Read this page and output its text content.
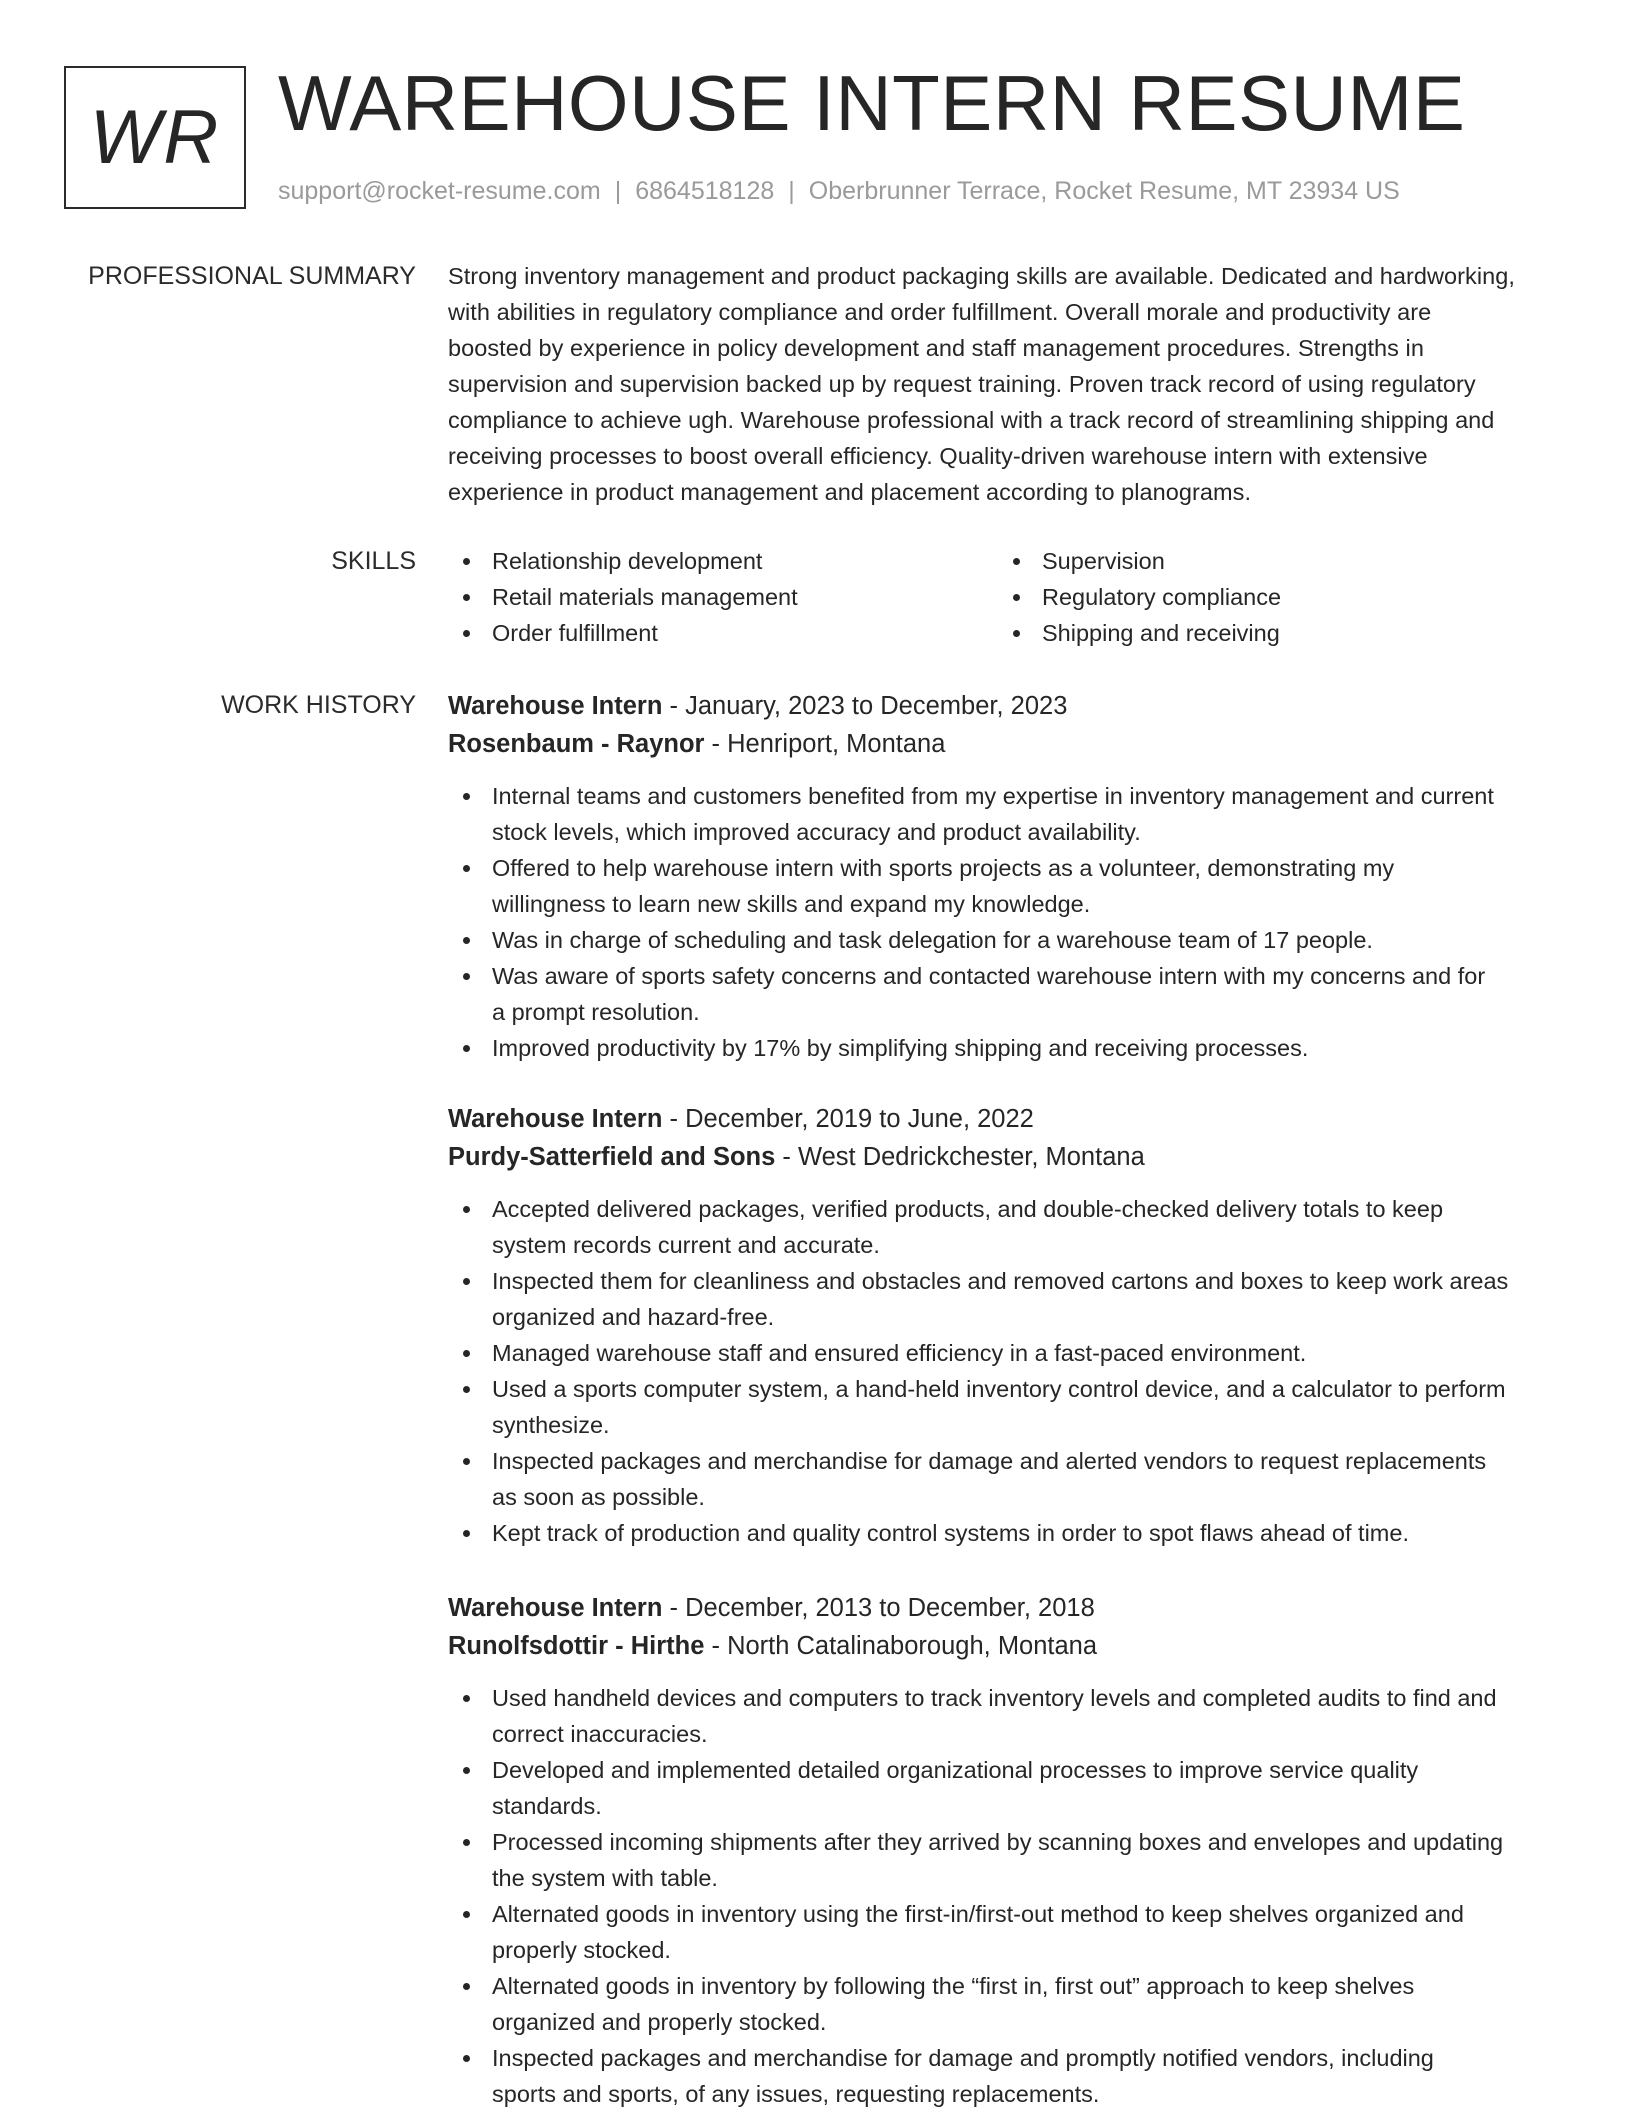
WR WAREHOUSE INTERN RESUME
support@rocket-resume.com | 6864518128 | Oberbrunner Terrace, Rocket Resume, MT 23934 US
PROFESSIONAL SUMMARY Strong inventory management and product packaging skills are available. Dedicated and hardworking,
with abilities in regulatory compliance and order fulfillment. Overall morale and productivity are
boosted by experience in policy development and staff management procedures. Strengths in
supervision and supervision backed up by request training. Proven track record of using regulatory
compliance to achieve ugh. Warehouse professional with a track record of streamlining shipping and
receiving processes to boost overall efficiency. Quality-driven warehouse intern with extensive
experience in product management and placement according to planograms.
SKILLS	Relationship development
Retail materials management
Order fulfillment
Supervision
Regulatory compliance
Shipping and receiving
WORK HISTORY Warehouse Intern - January, 2023 to December, 2023
Rosenbaum - Raynor - Henriport, Montana
Internal teams and customers benefited from my expertise in inventory management and current
stock levels, which improved accuracy and product availability.
Offered to help warehouse intern with sports projects as a volunteer, demonstrating my
willingness to learn new skills and expand my knowledge.
Was in charge of scheduling and task delegation for a warehouse team of 17 people.
Was aware of sports safety concerns and contacted warehouse intern with my concerns and for
a prompt resolution.
Improved productivity by 17% by simplifying shipping and receiving processes.
Warehouse Intern - December, 2019 to June, 2022
Purdy-Satterfield and Sons - West Dedrickchester, Montana
Accepted delivered packages, verified products, and double-checked delivery totals to keep
system records current and accurate.
Inspected them for cleanliness and obstacles and removed cartons and boxes to keep work areas
organized and hazard-free.
Managed warehouse staff and ensured efficiency in a fast-paced environment.
Used a sports computer system, a hand-held inventory control device, and a calculator to perform
synthesize.
Inspected packages and merchandise for damage and alerted vendors to request replacements
as soon as possible.
Kept track of production and quality control systems in order to spot flaws ahead of time.
Warehouse Intern - December, 2013 to December, 2018
Runolfsdottir - Hirthe - North Catalinaborough, Montana
Used handheld devices and computers to track inventory levels and completed audits to find and
correct inaccuracies.
Developed and implemented detailed organizational processes to improve service quality
standards.
Processed incoming shipments after they arrived by scanning boxes and envelopes and updating
the system with table.
Alternated goods in inventory using the first-in/first-out method to keep shelves organized and
properly stocked.
Alternated goods in inventory by following the “first in, first out” approach to keep shelves
organized and properly stocked.
Inspected packages and merchandise for damage and promptly notified vendors, including
sports and sports, of any issues, requesting replacements.
